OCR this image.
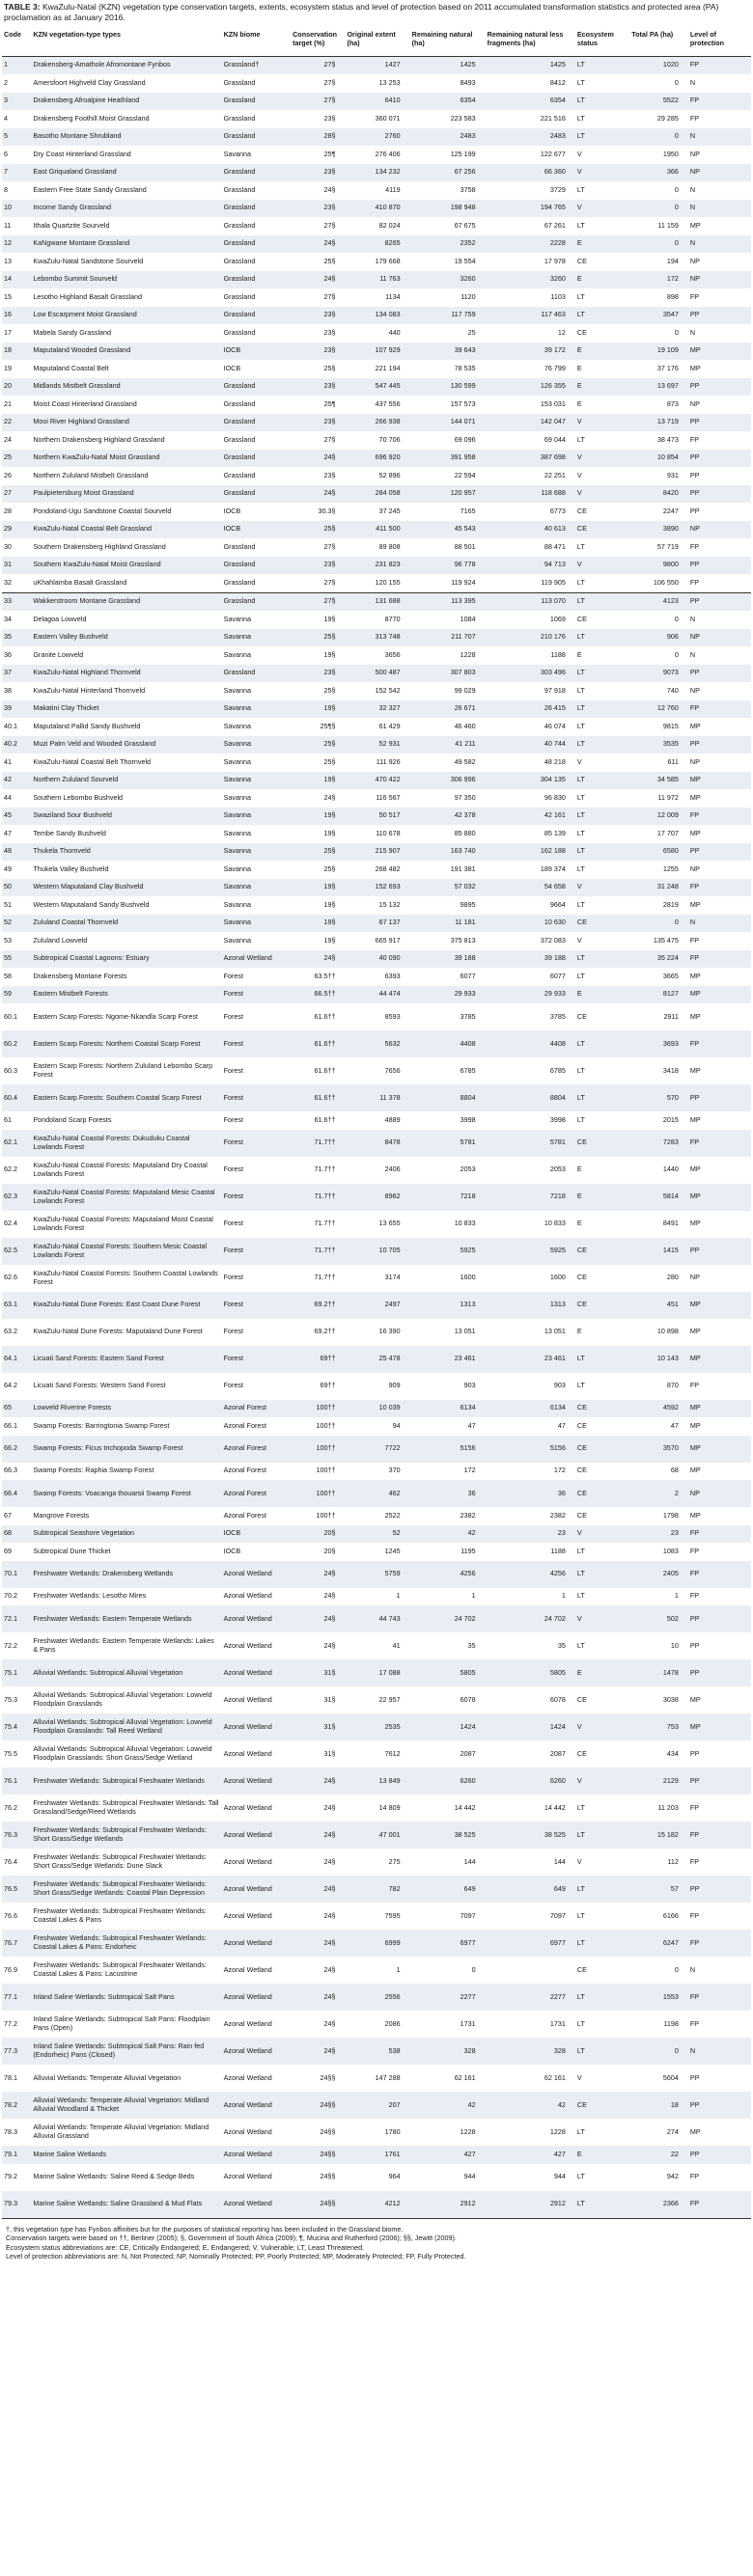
TABLE 3: KwaZulu-Natal (KZN) vegetation type conservation targets, extents, ecosystem status and level of protection based on 2011 accumulated transformation statistics and protected area (PA) proclamation as at January 2016.
Code	KZN vegetation-type types	KZN biome	Conservation target (%)	Original extent (ha)	Remaining natural (ha)	Remaining natural less fragments (ha)	Ecosystem status	Total PA (ha)	Level of protection
1	Drakensberg-Amathole Afromontane Fynbos	Grassland†	27§	1427	1425	1425	LT	1020	FP
2	Amersfoort Highveld Clay Grassland	Grassland	27§	13 253	8493	8412	LT	0	N
3	Drakensberg Afroalpine Heathland	Grassland	27§	6410	6354	6354	LT	5522	FP
4	Drakensberg Foothill Moist Grassland	Grassland	23§	360 071	223 583	221 516	LT	29 285	FP
5	Basotho Montane Shrubland	Grassland	28§	2760	2483	2483	LT	0	N
6	Dry Coast Hinterland Grassland	Savanna	25¶	276 406	125 199	122 677	V	1950	NP
7	East Griqualand Grassland	Grassland	23§	134 232	67 256	66 360	V	366	NP
8	Eastern Free State Sandy Grassland	Grassland	24§	4119	3758	3729	LT	0	N
10	Income Sandy Grassland	Grassland	23§	410 870	198 948	194 765	V	0	N
11	Ithala Quartzite Sourveld	Grassland	27§	82 024	67 675	67 261	LT	11 159	MP
12	KaNgwane Montane Grassland	Grassland	24§	8265	2352	2228	E	0	N
13	KwaZulu-Natal Sandstone Sourveld	Grassland	25§	179 668	19 554	17 978	CE	194	NP
14	Lebombo Summit Sourveld	Grassland	24§	11 763	3260	3260	E	172	NP
15	Lesotho Highland Basalt Grassland	Grassland	27§	1134	1120	1103	LT	898	FP
16	Low Escarpment Moist Grassland	Grassland	23§	134 083	117 759	117 463	LT	3547	PP
17	Mabela Sandy Grassland	Grassland	23§	440	25	12	CE	0	N
18	Maputaland Wooded Grassland	IOCB	23§	107 929	39 643	39 172	E	19 109	MP
19	Maputaland Coastal Belt	IOCB	25§	221 194	78 535	76 799	E	37 176	MP
20	Midlands Mistbelt Grassland	Grassland	23§	547 445	130 599	126 355	E	13 697	PP
21	Moist Coast Hinterland Grassland	Grassland	25¶	437 556	157 573	153 031	E	873	NP
22	Mooi River Highland Grassland	Grassland	23§	266 938	144 071	142 047	V	13 719	PP
24	Northern Drakensberg Highland Grassland	Grassland	27§	70 706	69 096	69 044	LT	38 473	FP
25	Northern KwaZulu-Natal Moist Grassland	Grassland	24§	696 920	391 958	387 698	V	10 854	PP
26	Northern Zululand Mistbelt Grassland	Grassland	23§	52 896	22 594	22 251	V	931	PP
27	Paulpietersburg Moist Grassland	Grassland	24§	284 058	120 957	118 688	V	8420	PP
28	Pondoland-Ugu Sandstone Coastal Sourveld	IOCB	30.3§	37 245	7165	6773	CE	2247	PP
29	KwaZulu-Natal Coastal Belt Grassland	IOCB	25§	411 500	45 543	40 613	CE	3890	NP
30	Southern Drakensberg Highland Grassland	Grassland	27§	89 808	88 501	88 471	LT	57 719	FP
31	Southern KwaZulu-Natal Moist Grassland	Grassland	23§	231 823	96 778	94 713	V	9800	PP
32	uKhahlamba Basalt Grassland	Grassland	27§	120 155	119 924	119 905	LT	106 550	FP
33	Wakkerstroom Montane Grassland	Grassland	27§	131 688	113 395	113 070	LT	4123	PP
34	Delagoa Lowveld	Savanna	19§	8770	1084	1069	CE	0	N
35	Eastern Valley Bushveld	Savanna	25§	313 748	211 707	210 176	LT	906	NP
36	Granite Lowveld	Savanna	19§	3656	1228	1188	E	0	N
37	KwaZulu-Natal Highland Thornveld	Grassland	23§	500 487	307 803	303 496	LT	9073	PP
38	KwaZulu-Natal Hinterland Thornveld	Savanna	25§	152 542	99 029	97 918	LT	740	NP
39	Makatini Clay Thicket	Savanna	19§	32 327	26 671	26 415	LT	12 760	FP
40.1	Maputaland Pallid Sandy Bushveld	Savanna	25¶§	61 429	46 460	46 074	LT	9815	MP
40.2	Muzi Palm Veld and Wooded Grassland	Savanna	25§	52 931	41 211	40 744	LT	3535	PP
41	KwaZulu-Natal Coastal Belt Thornveld	Savanna	25§	111 926	49 582	48 218	V	611	NP
42	Northern Zululand Sourveld	Savanna	19§	470 422	306 996	304 135	LT	34 585	MP
44	Southern Lebombo Bushveld	Savanna	24§	116 567	97 350	96 830	LT	11 972	MP
45	Swaziland Sour Bushveld	Savanna	19§	50 517	42 378	42 161	LT	12 009	FP
47	Tembe Sandy Bushveld	Savanna	19§	110 678	85 880	85 139	LT	17 707	MP
48	Thukela Thornveld	Savanna	25§	215 907	163 740	162 188	LT	6580	PP
49	Thukela Valley Bushveld	Savanna	25§	268 482	191 381	189 374	LT	1255	NP
50	Western Maputaland Clay Bushveld	Savanna	19§	152 693	57 032	54 658	V	31 248	FP
51	Western Maputaland Sandy Bushveld	Savanna	19§	15 132	9895	9664	LT	2819	MP
52	Zululand Coastal Thornveld	Savanna	19§	67 137	11 181	10 630	CE	0	N
53	Zululand Lowveld	Savanna	19§	665 917	375 813	372 083	V	135 475	FP
55	Subtropical Coastal Lagoons: Estuary	Azonal Wetland	24§	40 090	39 188	39 188	LT	35 224	FP
58	Drakensberg Montane Forests	Forest	63.5††	6393	6077	6077	LT	3665	MP
59	Eastern Mistbelt Forests	Forest	66.5††	44 474	29 933	29 933	E	8127	MP
60.1	Eastern Scarp Forests: Ngome-Nkandla Scarp Forest	Forest	61.6††	8593	3785	3785	CE	2911	MP
60.2	Eastern Scarp Forests: Northern Coastal Scarp Forest	Forest	61.6††	5632	4408	4408	LT	3693	FP
60.3	Eastern Scarp Forests: Northern Zululand Lebombo Scarp Forest	Forest	61.6††	7656	6785	6785	LT	3418	MP
60.4	Eastern Scarp Forests: Southern Coastal Scarp Forest	Forest	61.6††	11 378	8804	8804	LT	570	PP
61	Pondoland Scarp Forests	Forest	61.6††	4889	3998	3998	LT	2015	MP
62.1	KwaZulu-Natal Coastal Forests: Dukuduku Coastal Lowlands Forest	Forest	71.7††	8478	5781	5781	CE	7283	FP
62.2	KwaZulu-Natal Coastal Forests: Maputaland Dry Coastal Lowlands Forest	Forest	71.7††	2406	2053	2053	E	1440	MP
62.3	KwaZulu-Natal Coastal Forests: Maputaland Mesic Coastal Lowlands Forest	Forest	71.7††	8962	7218	7218	E	5814	MP
62.4	KwaZulu-Natal Coastal Forests: Maputaland Moist Coastal Lowlands Forest	Forest	71.7††	13 655	10 833	10 833	E	8491	MP
62.5	KwaZulu-Natal Coastal Forests: Southern Mesic Coastal Lowlands Forest	Forest	71.7††	10 705	5925	5925	CE	1415	PP
62.6	KwaZulu-Natal Coastal Forests: Southern Coastal Lowlands Forest	Forest	71.7††	3174	1600	1600	CE	280	NP
63.1	KwaZulu-Natal Dune Forests: East Coast Dune Forest	Forest	69.2††	2497	1313	1313	CE	451	MP
63.2	KwaZulu-Natal Dune Forests: Maputaland Dune Forest	Forest	69.2††	16 390	13 051	13 051	E	10 898	MP
64.1	Licuati Sand Forests: Eastern Sand Forest	Forest	69††	25 478	23 461	23 461	LT	10 143	MP
64.2	Licuati Sand Forests: Western Sand Forest	Forest	69††	909	903	903	LT	870	FP
65	Lowveld Riverine Forests	Azonal Forest	100††	10 039	6134	6134	CE	4592	MP
66.1	Swamp Forests: Barringtonia Swamp Forest	Azonal Forest	100††	94	47	47	CE	47	MP
66.2	Swamp Forests: Ficus trichopoda Swamp Forest	Azonal Forest	100††	7722	5156	5156	CE	3570	MP
66.3	Swamp Forests: Raphia Swamp Forest	Azonal Forest	100††	370	172	172	CE	68	MP
66.4	Swamp Forests: Voacanga thouarsii Swamp Forest	Azonal Forest	100††	462	36	36	CE	2	NP
67	Mangrove Forests	Azonal Forest	100††	2522	2382	2382	CE	1798	MP
68	Subtropical Seashore Vegetation	IOCB	20§	52	42	23	V	23	FP
69	Subtropical Dune Thicket	IOCB	20§	1245	1195	1188	LT	1083	FP
70.1	Freshwater Wetlands: Drakensberg Wetlands	Azonal Wetland	24§	5759	4256	4256	LT	2405	FP
70.2	Freshwater Wetlands: Lesotho Mires	Azonal Wetland	24§	1	1	1	LT	1	FP
72.1	Freshwater Wetlands: Eastern Temperate Wetlands	Azonal Wetland	24§	44 743	24 702	24 702	V	502	PP
72.2	Freshwater Wetlands: Eastern Temperate Wetlands: Lakes & Pans	Azonal Wetland	24§	41	35	35	LT	10	PP
75.1	Alluvial Wetlands: Subtropical Alluvial Vegetation	Azonal Wetland	31§	17 088	5805	5805	E	1478	PP
75.3	Alluvial Wetlands: Subtropical Alluvial Vegetation: Lowveld Floodplain Grasslands	Azonal Wetland	31§	22 957	6078	6078	CE	3038	MP
75.4	Alluvial Wetlands: Subtropical Alluvial Vegetation: Lowveld Floodplain Grasslands: Tall Reed Wetland	Azonal Wetland	31§	2535	1424	1424	V	753	MP
75.5	Alluvial Wetlands: Subtropical Alluvial Vegetation: Lowveld Floodplain Grasslands: Short Grass/Sedge Wetland	Azonal Wetland	31§	7612	2087	2087	CE	434	PP
76.1	Freshwater Wetlands: Subtropical Freshwater Wetlands	Azonal Wetland	24§	13 849	6260	6260	V	2129	PP
76.2	Freshwater Wetlands: Subtropical Freshwater Wetlands: Tall Grassland/Sedge/Reed Wetlands	Azonal Wetland	24§	14 809	14 442	14 442	LT	11 203	FP
76.3	Freshwater Wetlands: Subtropical Freshwater Wetlands: Short Grass/Sedge Wetlands	Azonal Wetland	24§	47 001	38 525	38 525	LT	15 182	FP
76.4	Freshwater Wetlands: Subtropical Freshwater Wetlands: Short Grass/Sedge Wetlands: Dune Slack	Azonal Wetland	24§	275	144	144	V	112	FP
76.5	Freshwater Wetlands: Subtropical Freshwater Wetlands: Short Grass/Sedge Wetlands: Coastal Plain Depression	Azonal Wetland	24§	782	649	649	LT	57	PP
76.6	Freshwater Wetlands: Subtropical Freshwater Wetlands: Coastal Lakes & Pans	Azonal Wetland	24§	7595	7097	7097	LT	6166	FP
76.7	Freshwater Wetlands: Subtropical Freshwater Wetlands: Coastal Lakes & Pans: Endorheic	Azonal Wetland	24§	6999	6977	6977	LT	6247	FP
76.9	Freshwater Wetlands: Subtropical Freshwater Wetlands: Coastal Lakes & Pans: Lacustrine	Azonal Wetland	24§	1	0		CE	0	N
77.1	Inland Saline Wetlands: Subtropical Salt Pans	Azonal Wetland	24§	2556	2277	2277	LT	1553	FP
77.2	Inland Saline Wetlands: Subtropical Salt Pans: Floodplain Pans (Open)	Azonal Wetland	24§	2086	1731	1731	LT	1198	FP
77.3	Inland Saline Wetlands: Subtropical Salt Pans: Rain fed (Endorheic) Pans (Closed)	Azonal Wetland	24§	538	328	328	LT	0	N
78.1	Alluvial Wetlands: Temperate Alluvial Vegetation	Azonal Wetland	24§§	147 288	62 161	62 161	V	5604	PP
78.2	Alluvial Wetlands: Temperate Alluvial Vegetation: Midland Alluvial Woodland & Thicket	Azonal Wetland	24§§	207	42	42	CE	18	PP
78.3	Alluvial Wetlands: Temperate Alluvial Vegetation: Midland Alluvial Grassland	Azonal Wetland	24§§	1780	1228	1228	LT	274	MP
79.1	Marine Saline Wetlands	Azonal Wetland	24§§	1761	427	427	E	22	PP
79.2	Marine Saline Wetlands: Saline Reed & Sedge Beds	Azonal Wetland	24§§	964	944	944	LT	942	FP
79.3	Marine Saline Wetlands: Saline Grassland & Mud Flats	Azonal Wetland	24§§	4212	2912	2912	LT	2366	FP
†, this vegetation type has Fynbos affinities but for the purposes of statistical reporting has been included in the Grassland biome.
Conservation targets were based on ††, Berliner (2005); §, Government of South Africa (2009); ¶, Mucina and Rutherford (2006); §§, Jewitt (2009).
Ecosystem status abbreviations are: CE, Critically Endangered; E, Endangered; V, Vulnerable; LT, Least Threatened.
Level of protection abbreviations are: N, Not Protected; NP, Nominally Protected; PP, Poorly Protected; MP, Moderately Protected; FP, Fully Protected.
